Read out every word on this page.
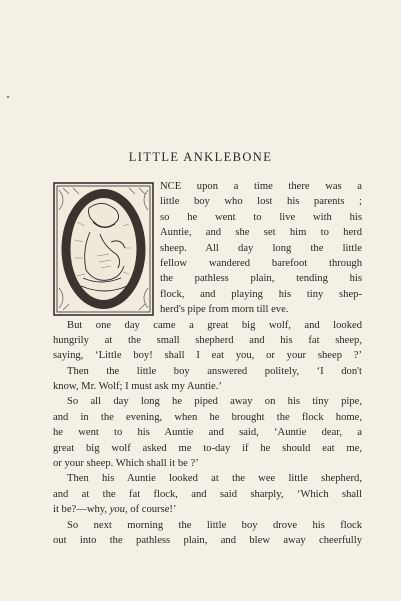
LITTLE ANKLEBONE
NCE upon a time there was a
little boy who lost his parents ;
so he went to live with his
Auntie, and she set him to herd
sheep. All day long the little
fellow wandered barefoot through
the pathless plain, tending his
flock, and playing his tiny shep-
herd's pipe from morn till eve.
But one day came a great big wolf, and looked
hungrily at the small shepherd and his fat sheep,
saying, ‘Little boy! shall I eat you, or your sheep ?’
Then the little boy answered politely, ‘I don't
know, Mr. Wolf; I must ask my Auntie.’
So all day long he piped away on his tiny pipe,
and in the evening, when he brought the flock home,
he went to his Auntie and said, ‘Auntie dear, a
great big wolf asked me to-day if he should eat me,
or your sheep. Which shall it be ?’
Then his Auntie looked at the wee little shepherd,
and at the fat flock, and said sharply, ‘Which shall
it be?—why, you, of course!’
So next morning the little boy drove his flock
out into the pathless plain, and blew away cheerfully
